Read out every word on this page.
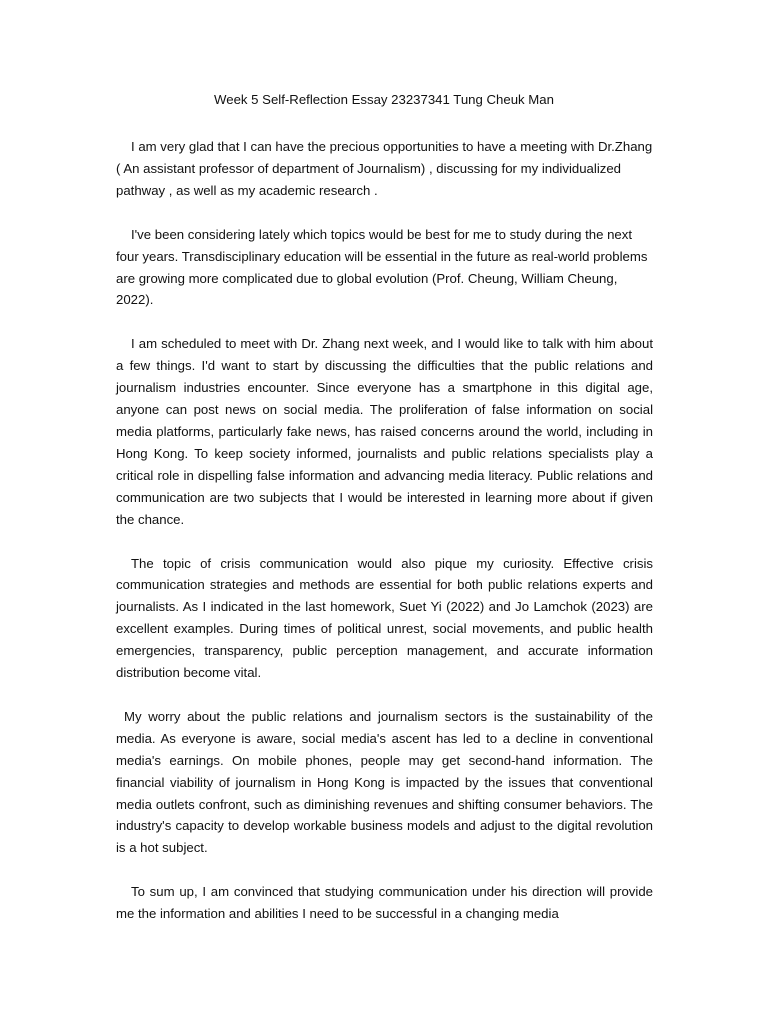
Week 5 Self-Reflection Essay 23237341 Tung Cheuk Man

I am very glad that I can have the precious opportunities to have a meeting with Dr.Zhang ( An assistant professor of department of Journalism) , discussing for my individualized pathway , as well as my academic research .

I've been considering lately which topics would be best for me to study during the next four years. Transdisciplinary education will be essential in the future as real-world problems are growing more complicated due to global evolution (Prof. Cheung, William Cheung, 2022).

I am scheduled to meet with Dr. Zhang next week, and I would like to talk with him about a few things. I'd want to start by discussing the difficulties that the public relations and journalism industries encounter. Since everyone has a smartphone in this digital age, anyone can post news on social media. The proliferation of false information on social media platforms, particularly fake news, has raised concerns around the world, including in Hong Kong. To keep society informed, journalists and public relations specialists play a critical role in dispelling false information and advancing media literacy. Public relations and communication are two subjects that I would be interested in learning more about if given the chance.

The topic of crisis communication would also pique my curiosity. Effective crisis communication strategies and methods are essential for both public relations experts and journalists. As I indicated in the last homework, Suet Yi (2022) and Jo Lamchok (2023) are excellent examples. During times of political unrest, social movements, and public health emergencies, transparency, public perception management, and accurate information distribution become vital.

My worry about the public relations and journalism sectors is the sustainability of the media. As everyone is aware, social media's ascent has led to a decline in conventional media's earnings. On mobile phones, people may get second-hand information. The financial viability of journalism in Hong Kong is impacted by the issues that conventional media outlets confront, such as diminishing revenues and shifting consumer behaviors. The industry's capacity to develop workable business models and adjust to the digital revolution is a hot subject.

To sum up, I am convinced that studying communication under his direction will provide me the information and abilities I need to be successful in a changing media
